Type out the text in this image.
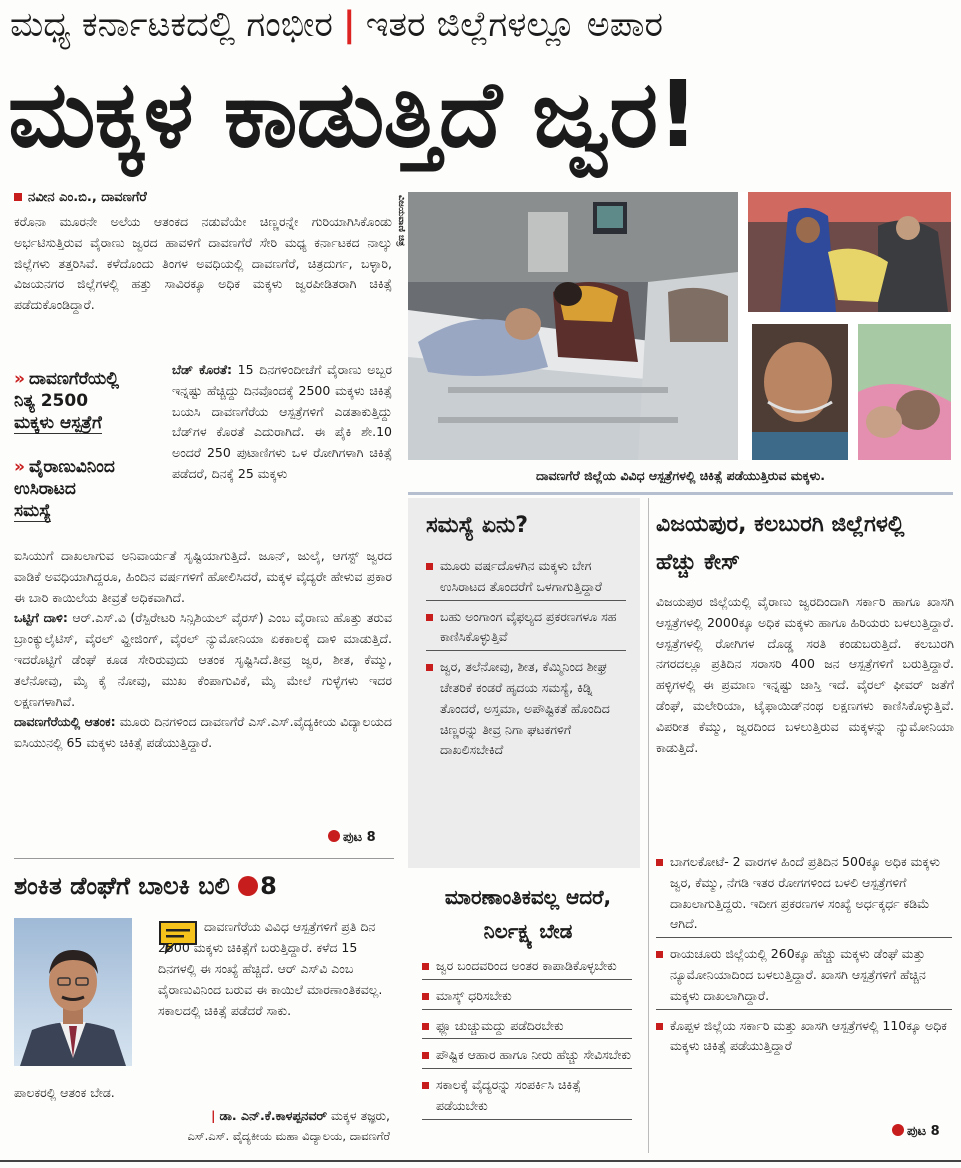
ಮಧ್ಯ ಕರ್ನಾಟಕದಲ್ಲಿ ಗಂಭೀರ | ಇತರ ಜಿಲ್ಲೆಗಳಲ್ಲೂ ಅಪಾರ
ಮಕ್ಕಳ ಕಾಡುತ್ತಿದೆ ಜ್ವರ!
ನವೀನ ಎಂ.ಬಿ., ದಾವಣಗೆರೆ
ಕರೊನಾ ಮೂರನೇ ಅಲೆಯ ಆತಂಕದ ನಡುವೆಯೇ ಚಿಣ್ಣರನ್ನೇ ಗುರಿಯಾಗಿಸಿಕೊಂಡು ಅರ್ಭಟಿಸುತ್ತಿರುವ ವೈರಾಣು ಜ್ವರದ ಹಾವಳಿಗೆ ದಾವಣಗೆರೆ ಸೇರಿ ಮಧ್ಯ ಕರ್ನಾಟಕದ ನಾಲ್ಕು ಜಿಲ್ಲೆಗಳು ತತ್ತರಿಸಿವೆ. ಕಳೆದೊಂದು ತಿಂಗಳ ಅವಧಿಯಲ್ಲಿ ದಾವಣಗೆರೆ, ಚಿತ್ರದುರ್ಗ, ಬಳ್ಳಾರಿ, ವಿಜಯನಗರ ಜಿಲ್ಲೆಗಳಲ್ಲಿ ಹತ್ತು ಸಾವಿರಕ್ಕೂ ಅಧಿಕ ಮಕ್ಕಳು ಜ್ವರಪೀಡಿತರಾಗಿ ಚಿಕಿತ್ಸೆ ಪಡೆದುಕೊಂಡಿದ್ದಾರೆ.
» ದಾವಣಗೆರೆಯಲ್ಲಿ
ನಿತ್ಯ 2500
ಮಕ್ಕಳು ಆಸ್ಪತ್ರೆಗೆ
» ವೈರಾಣುವಿನಿಂದ
ಉಸಿರಾಟದ
ಸಮಸ್ಯೆ
ಬೆಡ್ ಕೊರತೆ: 15 ದಿನಗಳಿಂದೀಚೆಗೆ ವೈರಾಣು ಅಬ್ಬರ ಇನ್ನಷ್ಟು ಹೆಚ್ಚಿದ್ದು ದಿನವೊಂದಕ್ಕೆ 2500 ಮಕ್ಕಳು ಚಿಕಿತ್ಸೆ ಬಯಸಿ ದಾವಣಗೆರೆಯ ಆಸ್ಪತ್ರೆಗಳಿಗೆ ಎಡತಾಕುತ್ತಿದ್ದು ಬೆಡ್‌ಗಳ ಕೊರತೆ ಎದುರಾಗಿದೆ. ಈ ಪೈಕಿ ಶೇ.10 ಅಂದರೆ 250 ಪುಟಾಣಿಗಳು ಒಳ ರೋಗಿಗಳಾಗಿ ಚಿಕಿತ್ಸೆ ಪಡೆದರೆ, ದಿನಕ್ಕೆ 25 ಮಕ್ಕಳು
ಐಸಿಯುಗೆ ದಾಖಲಾಗುವ ಅನಿವಾರ್ಯತೆ ಸೃಷ್ಟಿಯಾಗುತ್ತಿದೆ. ಜೂನ್, ಜುಲೈ, ಆಗಸ್ಟ್ ಜ್ವರದ ವಾಡಿಕೆ ಅವಧಿಯಾಗಿದ್ದರೂ, ಹಿಂದಿನ ವರ್ಷಗಳಿಗೆ ಹೋಲಿಸಿದರೆ, ಮಕ್ಕಳ ವೈದ್ಯರೇ ಹೇಳುವ ಪ್ರಕಾರ ಈ ಬಾರಿ ಕಾಯಿಲೆಯ ತೀವ್ರತೆ ಅಧಿಕವಾಗಿದೆ.
ಒಟ್ಟಿಗೆ ದಾಳಿ: ಆರ್.ಎಸ್.ವಿ (ರೆಸ್ಪಿರೇಟರಿ ಸಿನ್ಸಿಶಿಯಲ್ ವೈರಸ್) ಎಂಬ ವೈರಾಣು ಹೊತ್ತು ತರುವ ಬ್ರಾಂಕ್ಯುಲೈಟಿಸ್, ವೈರಲ್ ವ್ಹೀಜಿಂಗ್, ವೈರಲ್ ನ್ಯುಮೋನಿಯಾ ಏಕಕಾಲಕ್ಕೆ ದಾಳಿ ಮಾಡುತ್ತಿದೆ. ಇದರೊಟ್ಟಿಗೆ ಡೆಂಘೆ ಕೂಡ ಸೇರಿರುವುದು ಆತಂಕ ಸೃಷ್ಟಿಸಿದೆ.ತೀವ್ರ ಜ್ವರ, ಶೀತ, ಕೆಮ್ಮು, ತಲೆನೋವು, ಮೈ ಕೈ ನೋವು, ಮುಖ ಕೆಂಪಾಗುವಿಕೆ, ಮೈ ಮೇಲೆ ಗುಳ್ಳೆಗಳು ಇದರ ಲಕ್ಷಣಗಳಾಗಿವೆ.
ದಾವಣಗೆರೆಯಲ್ಲಿ ಆತಂಕ: ಮೂರು ದಿನಗಳಿಂದ ದಾವಣಗೆರೆ ಎಸ್.ಎಸ್.ವೈದ್ಯಕೀಯ ವಿದ್ಯಾಲಯದ ಐಸಿಯುನಲ್ಲಿ 65 ಮಕ್ಕಳು ಚಿಕಿತ್ಸೆ ಪಡೆಯುತ್ತಿದ್ದಾರೆ.
ಪುಟ 8
ಶಂಕಿತ ಡೆಂಘೆಗೆ ಬಾಲಕಿ ಬಲಿ 8
ದಾವಣಗೆರೆಯ ವಿವಿಧ ಆಸ್ಪತ್ರೆಗಳಿಗೆ ಪ್ರತಿ ದಿನ 2500 ಮಕ್ಕಳು ಚಿಕಿತ್ಸೆಗೆ ಬರುತ್ತಿದ್ದಾರೆ. ಕಳೆದ 15 ದಿನಗಳಲ್ಲಿ ಈ ಸಂಖ್ಯೆ ಹೆಚ್ಚಿದೆ. ಆರ್ ಎಸ್‌ವಿ ಎಂಬ ವೈರಾಣುವಿನಿಂದ ಬರುವ ಈ ಕಾಯಿಲೆ ಮಾರಣಾಂತಿಕವಲ್ಲ. ಸಕಾಲದಲ್ಲಿ ಚಿಕಿತ್ಸೆ ಪಡೆದರೆ ಸಾಕು.
ಪಾಲಕರಲ್ಲಿ ಆತಂಕ ಬೇಡ.
| ಡಾ. ಎನ್.ಕೆ.ಕಾಳಪ್ಪನವರ್ ಮಕ್ಕಳ ತಜ್ಞರು,
ಎಸ್.ಎಸ್. ವೈದ್ಯಕೀಯ ಮಹಾ ವಿದ್ಯಾಲಯ, ದಾವಣಗೆರೆ
ವಿಜಯವಾಣಿ ಚಿತ್ರ
ದಾವಣಗೆರೆ ಜಿಲ್ಲೆಯ ವಿವಿಧ ಆಸ್ಪತ್ರೆಗಳಲ್ಲಿ ಚಿಕಿತ್ಸೆ ಪಡೆಯುತ್ತಿರುವ ಮಕ್ಕಳು.
ಸಮಸ್ಯೆ ಏನು?
ಮೂರು ವರ್ಷದೊಳಗಿನ ಮಕ್ಕಳು ಬೇಗ ಉಸಿರಾಟದ ತೊಂದರೆಗೆ ಒಳಗಾಗುತ್ತಿದ್ದಾರೆ
ಬಹು ಅಂಗಾಂಗ ವೈಫಲ್ಯದ ಪ್ರಕರಣಗಳೂ ಸಹ ಕಾಣಿಸಿಕೊಳ್ಳುತ್ತಿವೆ
ಜ್ವರ, ತಲೆನೋವು, ಶೀತ, ಕೆಮ್ಮಿನಿಂದ ಶೀಘ್ರ ಚೇತರಿಕೆ ಕಂಡರೆ ಹೃದಯ ಸಮಸ್ಯೆ, ಕಿಡ್ನಿ ತೊಂದರೆ, ಅಸ್ತಮಾ, ಅಪೌಷ್ಟಿಕತೆ ಹೊಂದಿದ ಚಿಣ್ಣರನ್ನು ತೀವ್ರ ನಿಗಾ ಘಟಕಗಳಿಗೆ ದಾಖಲಿಸಬೇಕಿದೆ
ಮಾರಣಾಂತಿಕವಲ್ಲ ಆದರೆ, ನಿರ್ಲಕ್ಷ್ಯ ಬೇಡ
ಜ್ವರ ಬಂದವರಿಂದ ಅಂತರ ಕಾಪಾಡಿಕೊಳ್ಳಬೇಕು
ಮಾಸ್ಕ್ ಧರಿಸಬೇಕು
ಫ್ಲೂ ಚುಚ್ಚುಮದ್ದು ಪಡೆದಿರಬೇಕು
ಪೌಷ್ಟಿಕ ಆಹಾರ ಹಾಗೂ ನೀರು ಹೆಚ್ಚು ಸೇವಿಸಬೇಕು
ಸಕಾಲಕ್ಕೆ ವೈದ್ಯರನ್ನು ಸಂಪರ್ಕಿಸಿ ಚಿಕಿತ್ಸೆ ಪಡೆಯಬೇಕು
ವಿಜಯಪುರ, ಕಲಬುರಗಿ ಜಿಲ್ಲೆಗಳಲ್ಲಿ ಹೆಚ್ಚು ಕೇಸ್
ವಿಜಯಪುರ ಜಿಲ್ಲೆಯಲ್ಲಿ ವೈರಾಣು ಜ್ವರದಿಂದಾಗಿ ಸರ್ಕಾರಿ ಹಾಗೂ ಖಾಸಗಿ ಆಸ್ಪತ್ರೆಗಳಲ್ಲಿ 2000ಕ್ಕೂ ಅಧಿಕ ಮಕ್ಕಳು ಹಾಗೂ ಹಿರಿಯರು ಬಳಲುತ್ತಿದ್ದಾರೆ. ಆಸ್ಪತ್ರೆಗಳಲ್ಲಿ ರೋಗಿಗಳ ದೊಡ್ಡ ಸರತಿ ಕಂಡುಬರುತ್ತಿದೆ. ಕಲಬುರಗಿ ನಗರದಲ್ಲೂ ಪ್ರತಿದಿನ ಸರಾಸರಿ 400 ಜನ ಆಸ್ಪತ್ರೆಗಳಿಗೆ ಬರುತ್ತಿದ್ದಾರೆ. ಹಳ್ಳಿಗಳಲ್ಲಿ ಈ ಪ್ರಮಾಣ ಇನ್ನಷ್ಟು ಜಾಸ್ತಿ ಇದೆ. ವೈರಲ್ ಫೀವರ್ ಜತೆಗೆ ಡೆಂಘೆ, ಮಲೇರಿಯಾ, ಟೈಫಾಯಿಡ್‌ನಂಥ ಲಕ್ಷಣಗಳು ಕಾಣಿಸಿಕೊಳ್ಳುತ್ತಿವೆ. ವಿಪರೀತ ಕೆಮ್ಮು, ಜ್ವರದಿಂದ ಬಳಲುತ್ತಿರುವ ಮಕ್ಕಳನ್ನು ನ್ಯುಮೋನಿಯಾ ಕಾಡುತ್ತಿದೆ.
ಬಾಗಲಕೋಟೆ- 2 ವಾರಗಳ ಹಿಂದೆ ಪ್ರತಿದಿನ 500ಕ್ಕೂ ಅಧಿಕ ಮಕ್ಕಳು ಜ್ವರ, ಕೆಮ್ಮು, ನೆಗಡಿ ಇತರ ರೋಗಗಳಿಂದ ಬಳಲಿ ಆಸ್ಪತ್ರೆಗಳಿಗೆ ದಾಖಲಾಗುತ್ತಿದ್ದರು. ಇದೀಗ ಪ್ರಕರಣಗಳ ಸಂಖ್ಯೆ ಅರ್ಧಕ್ಕರ್ಧ ಕಡಿಮೆ ಆಗಿದೆ.
ರಾಯಚೂರು ಜಿಲ್ಲೆಯಲ್ಲಿ 260ಕ್ಕೂ ಹೆಚ್ಚು ಮಕ್ಕಳು ಡೆಂಘೆ ಮತ್ತು ನ್ಯೂಮೋನಿಯಾದಿಂದ ಬಳಲುತ್ತಿದ್ದಾರೆ. ಖಾಸಗಿ ಆಸ್ಪತ್ರೆಗಳಿಗೆ ಹೆಚ್ಚಿನ ಮಕ್ಕಳು ದಾಖಲಾಗಿದ್ದಾರೆ.
ಕೊಪ್ಪಳ ಜಿಲ್ಲೆಯ ಸರ್ಕಾರಿ ಮತ್ತು ಖಾಸಗಿ ಆಸ್ಪತ್ರೆಗಳಲ್ಲಿ 110ಕ್ಕೂ ಅಧಿಕ ಮಕ್ಕಳು ಚಿಕಿತ್ಸೆ ಪಡೆಯುತ್ತಿದ್ದಾರೆ
ಪುಟ 8
